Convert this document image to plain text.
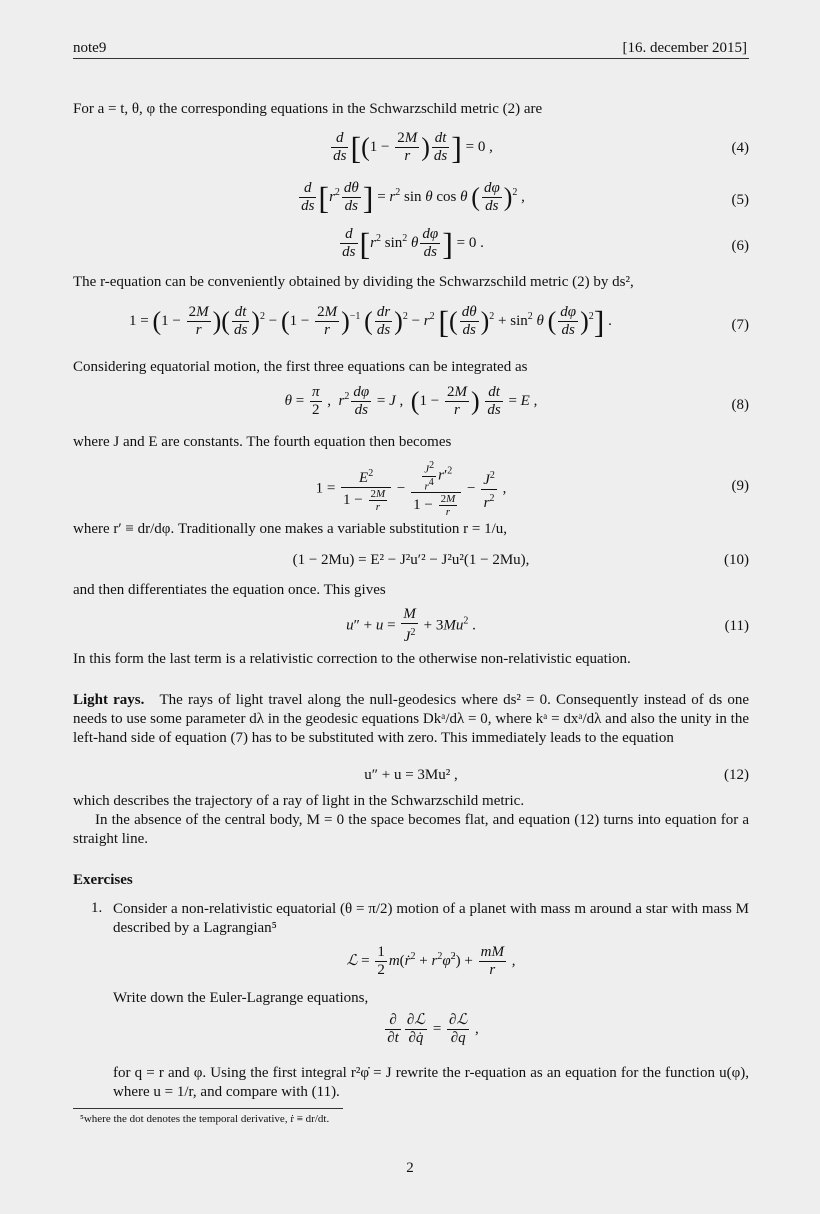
note9	[16. december 2015]
For a = t, θ, φ the corresponding equations in the Schwarzschild metric (2) are
$\frac{d}{ds} [(1 - \frac{2M}{r}$ ) $\frac{dt}{ds}$ ] = 0 ,	(4)
$\frac{d}{ds} [r^2 \frac{d\theta}{ds}$ ] = $r^2$ sin θ cos θ ( $\frac{d\varphi}{ds} )^2$ ,	(5)
$\frac{d}{ds} [r^2$ $\sin^2 \theta \frac{d\varphi}{ds}$ ] = 0 .	(6)
The r-equation can be conveniently obtained by dividing the Schwarzschild metric (2) by ds²,
$1 = (1 - \frac{2M}{r}$ )( $\frac{dt}{ds} )^2 - (1 - \frac{2M}{r} )^{-1}$ ( $\frac{dr}{ds} )^2 - r^2$ [( $\frac{d\theta}{ds} )^2 + \sin^2 \theta$ ( $\frac{d\varphi}{ds} )^2$] .	(7)
Considering equatorial motion, the first three equations can be integrated as
$\theta = \frac{\pi}{2}$ ,  $r^2 \frac{d\varphi}{ds} = J$ ,  ($1 - \frac{2M}{r}$ ) $\frac{dt}{ds} = E$ ,	(8)
where J and E are constants. The fourth equation then becomes
$1 = \frac{E^2}{1 - \frac{2M}{r}} - \frac{\frac{J^2}{r^4} r'^2}{1 - \frac{2M}{r}} - \frac{J^2}{r^2}$ ,	(9)
where r′ ≡ dr/dφ. Traditionally one makes a variable substitution r = 1/u,
(1 − 2Mu) = E² − J²u′² − J²u²(1 − 2Mu),	(10)
and then differentiates the equation once. This gives
$u'' + u = \frac{M}{J^2} + 3Mu^2$ .	(11)
In this form the last term is a relativistic correction to the otherwise non-relativistic equation.
Light rays. The rays of light travel along the null-geodesics where ds² = 0. Consequently instead of ds one needs to use some parameter dλ in the geodesic equations Dkᵃ/dλ = 0, where kᵃ = dxᵃ/dλ and also the unity in the left-hand side of equation (7) has to be substituted with zero. This immediately leads to the equation
u″ + u = 3Mu² ,	(12)
which describes the trajectory of a ray of light in the Schwarzschild metric.
In the absence of the central body, M = 0 the space becomes flat, and equation (12) turns into equation for a straight line.
Exercises
1. Consider a non-relativistic equatorial (θ = π/2) motion of a planet with mass m around a star with mass M described by a Lagrangian⁵
ℒ = $\frac{1}{2}$ m(ṙ$^2$ + $r^2\varphi̇^2) + \frac{mM}{r}$ ,
Write down the Euler-Lagrange equations,
$\frac{\partial}{\partial t} \frac{\text{∂ℒ}}{\partial q̇} = \frac{\text{∂ℒ}}{\partial q}$ ,
for q = r and φ. Using the first integral r²φ̇ = J rewrite the r-equation as an equation for the function u(φ), where u = 1/r, and compare with (11).
⁵where the dot denotes the temporal derivative, ṙ ≡ dr/dt.
2
